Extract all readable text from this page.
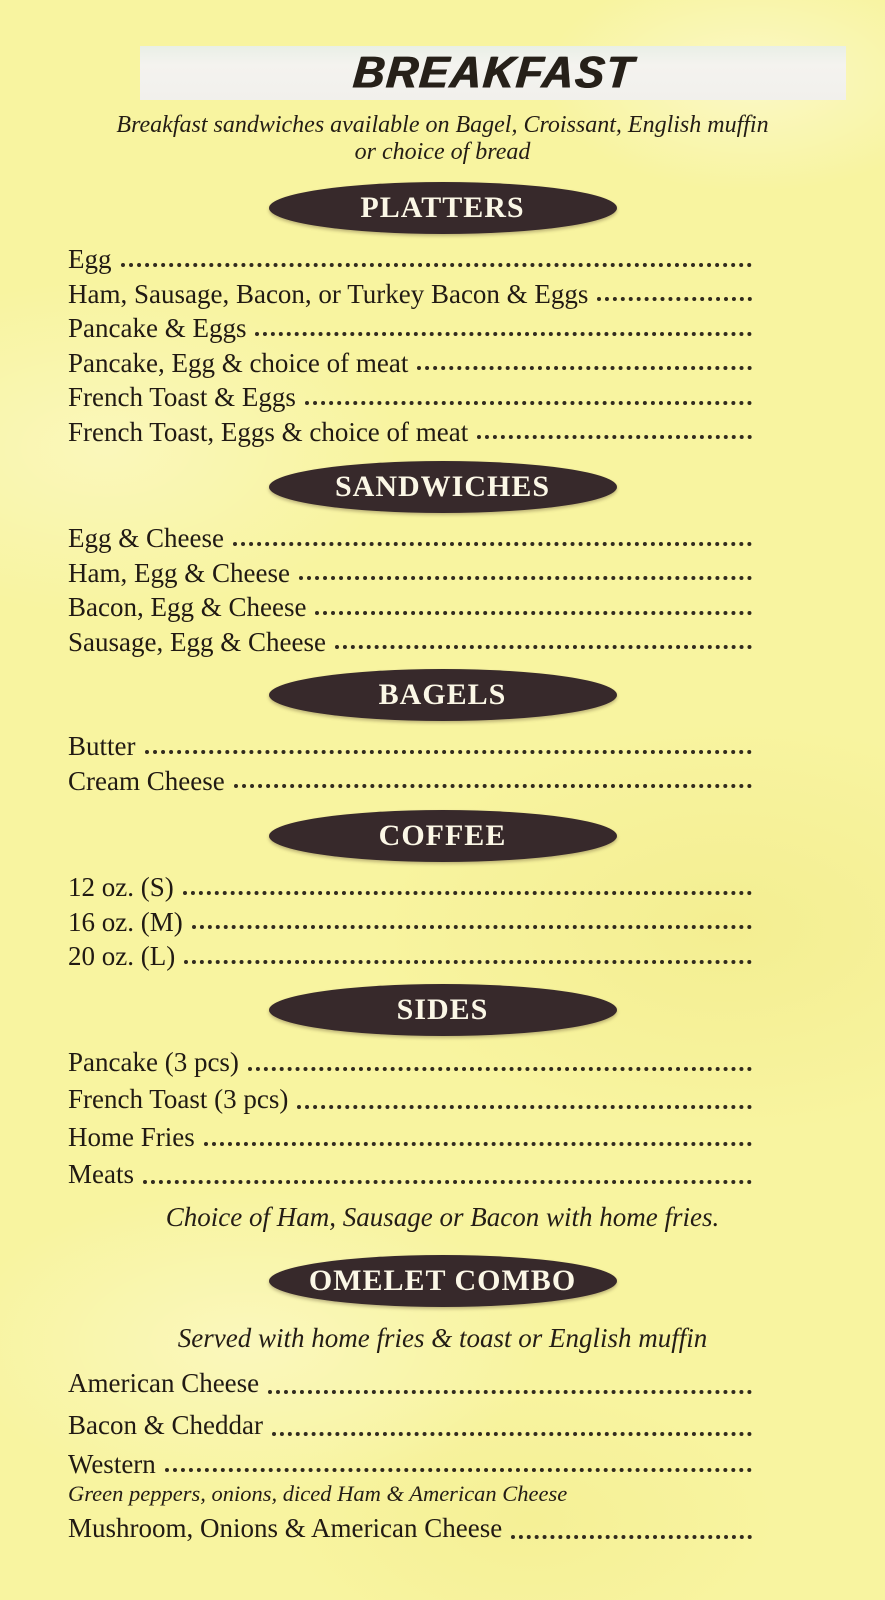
BREAKFAST
Breakfast sandwiches available on Bagel, Croissant, English muffin
or choice of bread
PLATTERS
Egg
Ham, Sausage, Bacon, or Turkey Bacon & Eggs
Pancake & Eggs
Pancake, Egg & choice of meat
French Toast & Eggs
French Toast, Eggs & choice of meat
SANDWICHES
Egg & Cheese
Ham, Egg & Cheese
Bacon, Egg & Cheese
Sausage, Egg & Cheese
BAGELS
Butter
Cream Cheese
COFFEE
12 oz. (S)
16 oz. (M)
20 oz. (L)
SIDES
Pancake (3 pcs)
French Toast (3 pcs)
Home Fries
Meats
Choice of Ham, Sausage or Bacon with home fries.
OMELET COMBO
Served with home fries & toast or English muffin
American Cheese
Bacon & Cheddar
Western
Green peppers, onions, diced Ham & American Cheese
Mushroom, Onions & American Cheese
